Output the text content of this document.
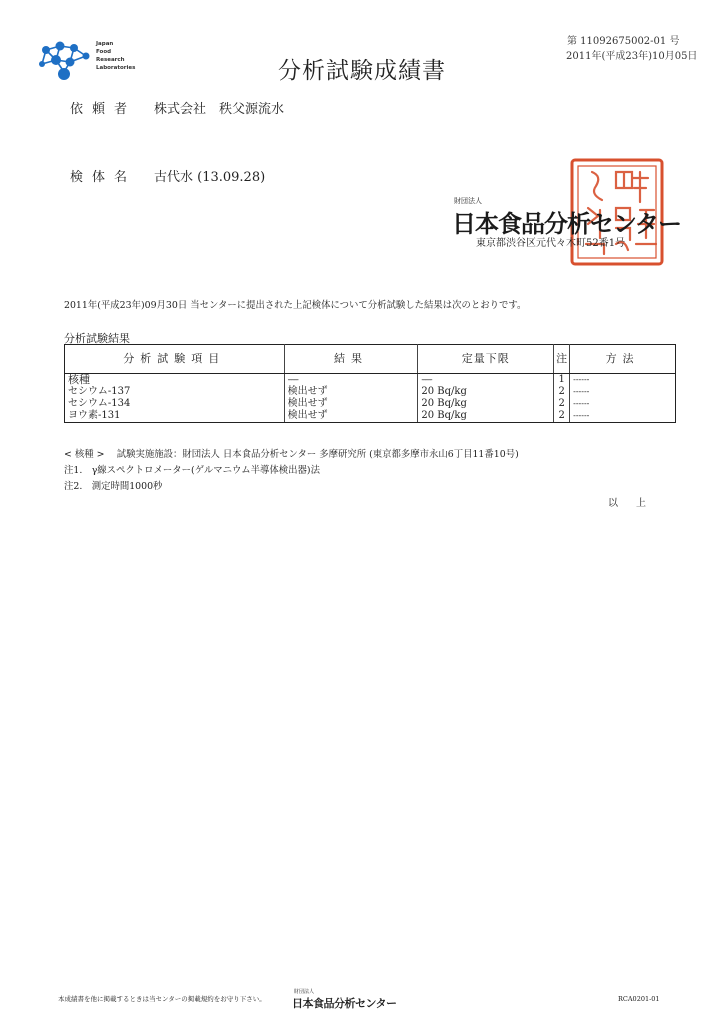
Japan
Food
Research
Laboratories	分析試験成績書
第 11092675002-01 号
2011年(平成23年)10月05日
依頼者 株式会社　秩父源流水
検体名 古代水 (13.09.28)
財団法人
日本食品分析センター
東京都渋谷区元代々木町52番1号
2011年(平成23年)09月30日 当センターに提出された上記検体について分析試験した結果は次のとおりです。
分析試験結果
分析試験項目	結果	定量下限	注	方法
核種	------	------	1	------
セシウム-137	検出せず	20 Bq/kg	2	------
セシウム-134	検出せず	20 Bq/kg	2	------
ヨウ素-131	検出せず	20 Bq/kg	2	------
< 核種 >　 試験実施施設：財団法人 日本食品分析センター 多摩研究所 (東京都多摩市永山6丁目11番10号)
注1.　γ線スペクトロメーター(ゲルマニウム半導体検出器)法
注2.　測定時間1000秒
以上
本成績書を他に掲載するときは当センターの掲載規約をお守り下さい。
財団法人
日本食品分析センター	RCA0201-01
